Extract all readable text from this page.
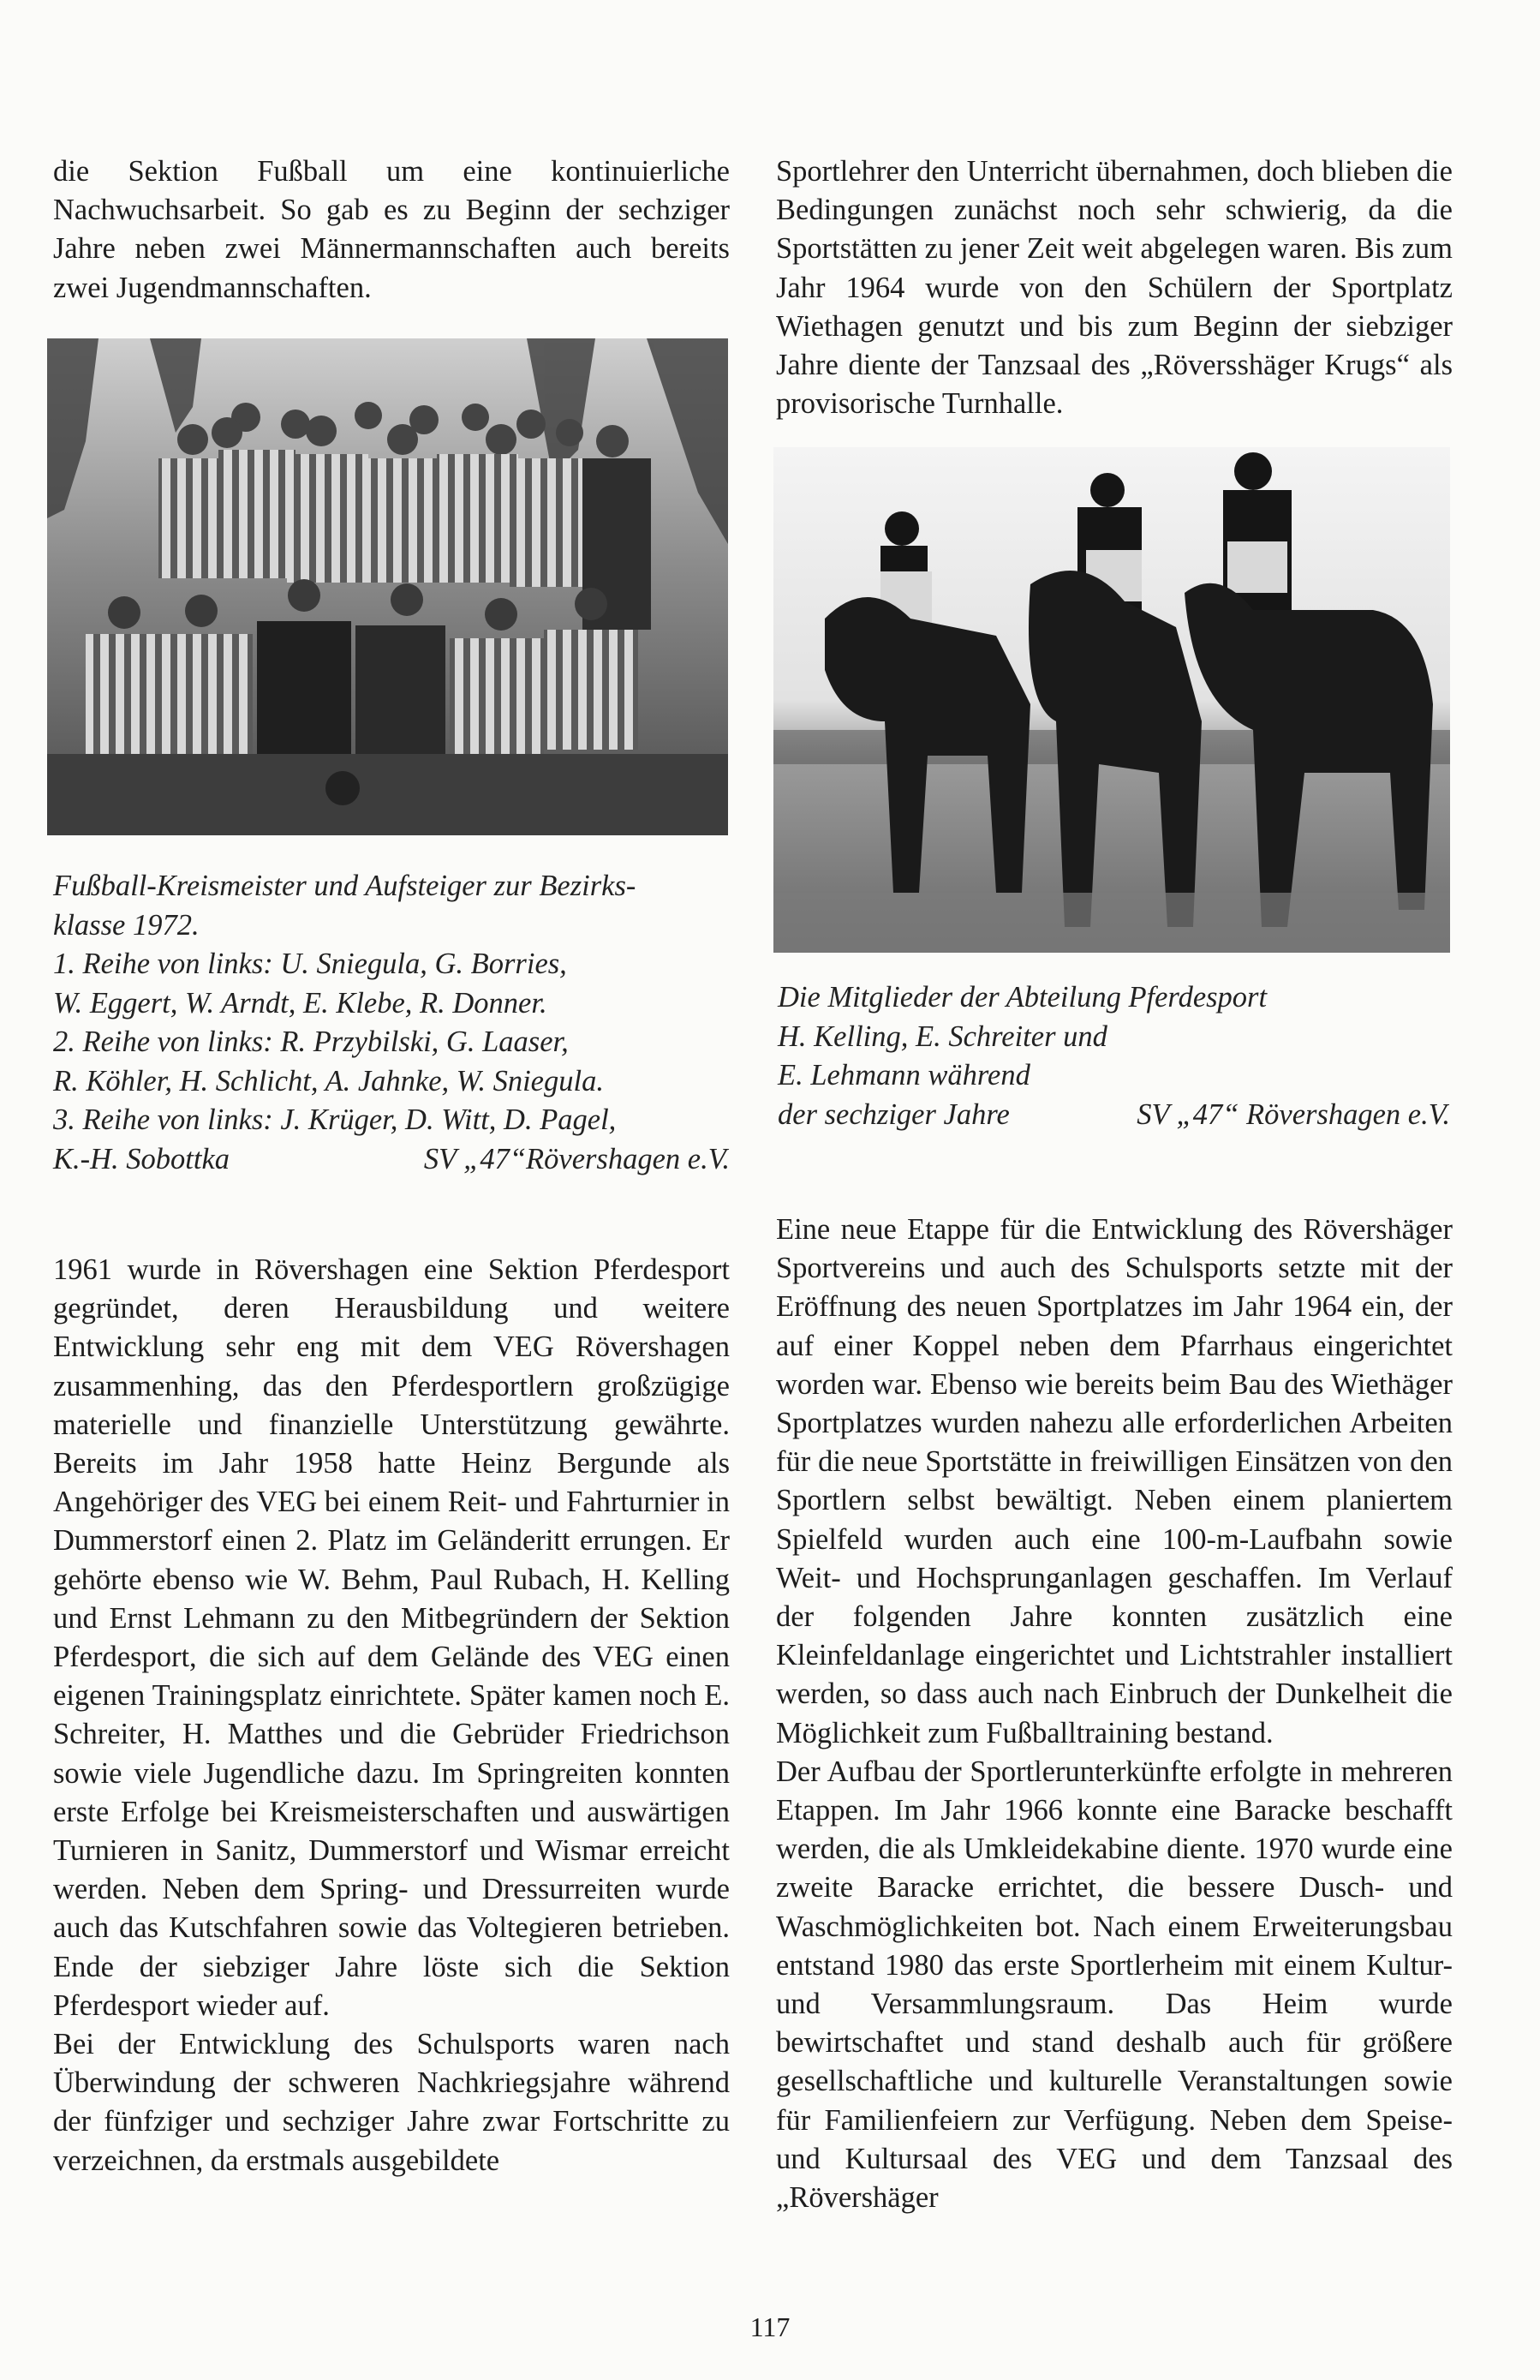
die Sektion Fußball um eine kontinuierliche Nachwuchsarbeit. So gab es zu Beginn der sechziger Jahre neben zwei Männermannschaften auch bereits zwei Jugendmannschaften.

Sportlehrer den Unterricht übernahmen, doch blieben die Bedingungen zunächst noch sehr schwierig, da die Sportstätten zu jener Zeit weit abgelegen waren. Bis zum Jahr 1964 wurde von den Schülern der Sportplatz Wiethagen genutzt und bis zum Beginn der siebziger Jahre diente der Tanzsaal des „Röversshäger Krugs“ als provisorische Turnhalle.

Fußball-Kreismeister und Aufsteiger zur Bezirks-
klasse 1972.
1. Reihe von links: U. Sniegula, G. Borries,
W. Eggert, W. Arndt, E. Klebe, R. Donner.
2. Reihe von links: R. Przybilski, G. Laaser,
R. Köhler, H. Schlicht, A. Jahnke, W. Sniegula.
3. Reihe von links: J. Krüger, D. Witt, D. Pagel,
K.-H. Sobottka	SV „47“Rövershagen e.V.
Die Mitglieder der Abteilung Pferdesport
H. Kelling, E. Schreiter und
E. Lehmann während
der sechziger Jahre	SV „47“ Rövershagen e.V.

1961 wurde in Rövershagen eine Sektion Pferdesport gegründet, deren Herausbildung und weitere Entwicklung sehr eng mit dem VEG Rövershagen zusammenhing, das den Pferdesportlern großzügige materielle und finanzielle Unterstützung gewährte. Bereits im Jahr 1958 hatte Heinz Bergunde als Angehöriger des VEG bei einem Reit- und Fahrturnier in Dummerstorf einen 2. Platz im Geländeritt errungen. Er gehörte ebenso wie W. Behm, Paul Rubach, H. Kelling und Ernst Lehmann zu den Mitbegründern der Sektion Pferdesport, die sich auf dem Gelände des VEG einen eigenen Trainingsplatz einrichtete. Später kamen noch E. Schreiter, H. Matthes und die Gebrüder Friedrichson sowie viele Jugendliche dazu. Im Springreiten konnten erste Erfolge bei Kreismeisterschaften und auswärtigen Turnieren in Sanitz, Dummerstorf und Wismar erreicht werden. Neben dem Spring- und Dressurreiten wurde auch das Kutschfahren sowie das Voltegieren betrieben. Ende der siebziger Jahre löste sich die Sektion Pferdesport wieder auf.

Bei der Entwicklung des Schulsports waren nach Überwindung der schweren Nachkriegsjahre während der fünfziger und sechziger Jahre zwar Fortschritte zu verzeichnen, da erstmals ausgebildete

Eine neue Etappe für die Entwicklung des Rövershäger Sportvereins und auch des Schulsports setzte mit der Eröffnung des neuen Sportplatzes im Jahr 1964 ein, der auf einer Koppel neben dem Pfarrhaus eingerichtet worden war. Ebenso wie bereits beim Bau des Wiethäger Sportplatzes wurden nahezu alle erforderlichen Arbeiten für die neue Sportstätte in freiwilligen Einsätzen von den Sportlern selbst bewältigt. Neben einem planiertem Spielfeld wurden auch eine 100-m-Laufbahn sowie Weit- und Hochsprunganlagen geschaffen. Im Verlauf der folgenden Jahre konnten zusätzlich eine Kleinfeldanlage eingerichtet und Lichtstrahler installiert werden, so dass auch nach Einbruch der Dunkelheit die Möglichkeit zum Fußballtraining bestand.

Der Aufbau der Sportlerunterkünfte erfolgte in mehreren Etappen. Im Jahr 1966 konnte eine Baracke beschafft werden, die als Umkleidekabine diente. 1970 wurde eine zweite Baracke errichtet, die bessere Dusch- und Waschmöglichkeiten bot. Nach einem Erweiterungsbau entstand 1980 das erste Sportlerheim mit einem Kultur- und Versammlungsraum. Das Heim wurde bewirtschaftet und stand deshalb auch für größere gesellschaftliche und kulturelle Veranstaltungen sowie für Familienfeiern zur Verfügung. Neben dem Speise- und Kultursaal des VEG und dem Tanzsaal des „Rövershäger

117
